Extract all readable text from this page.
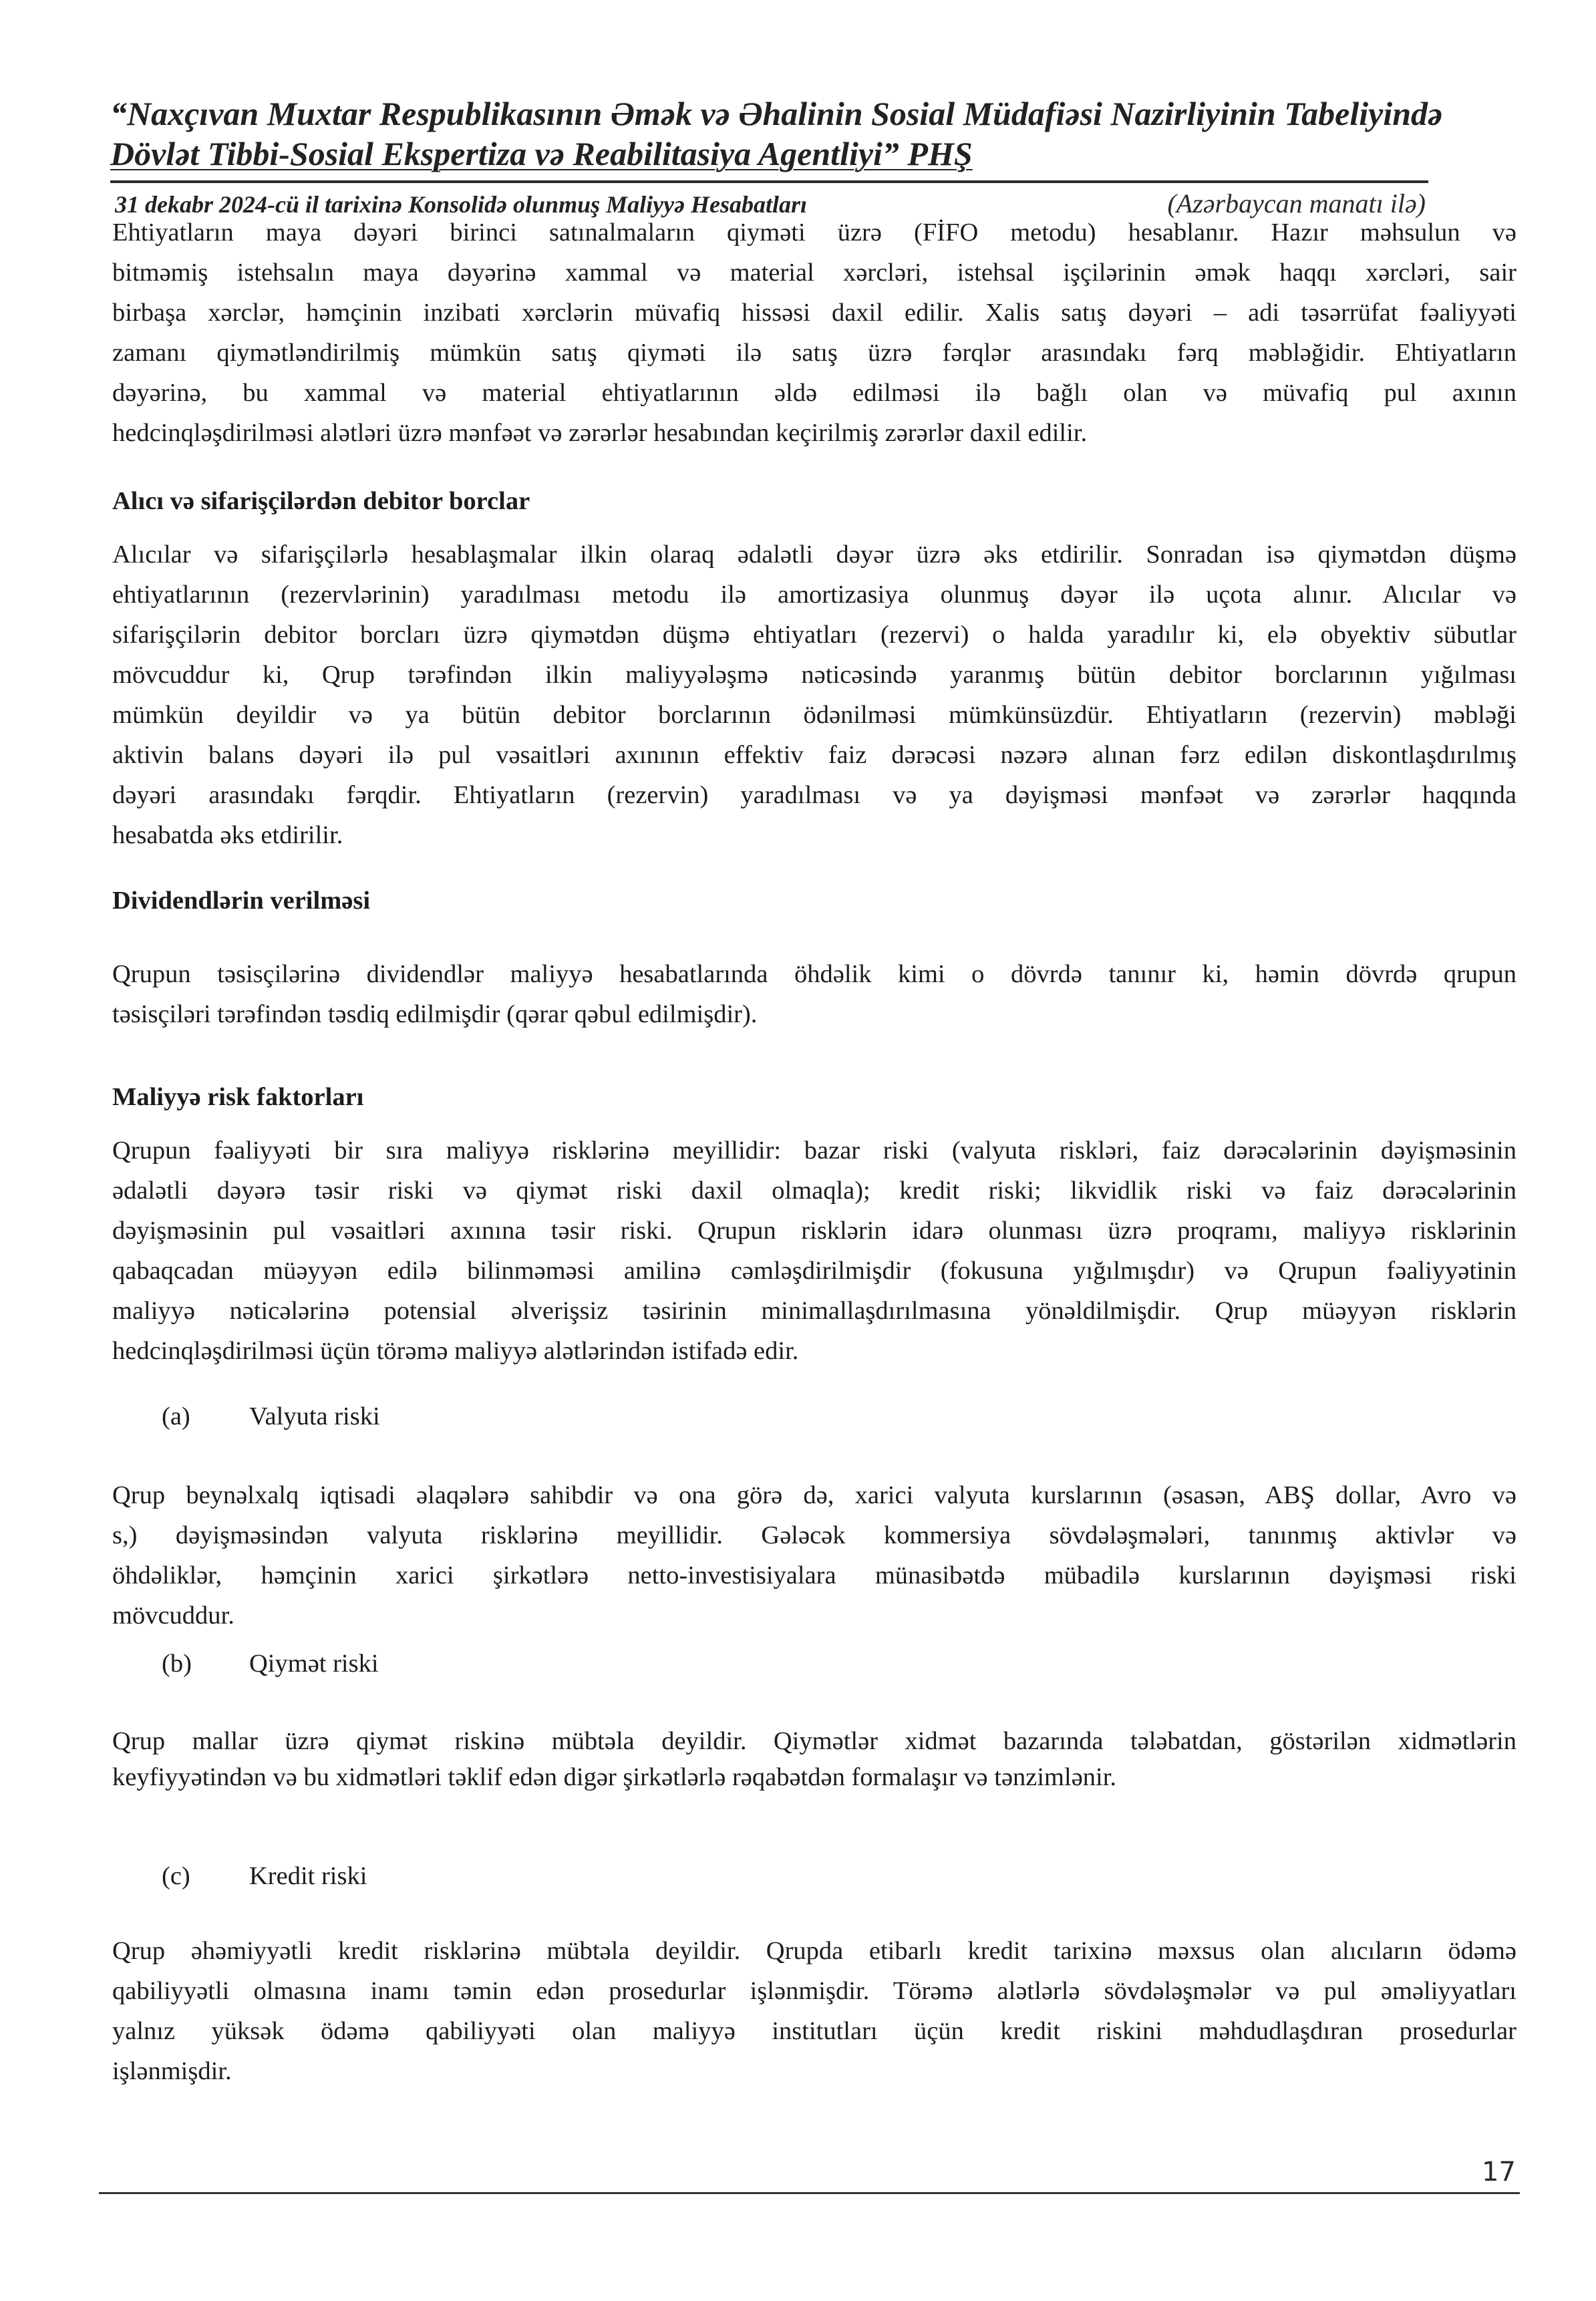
“Naxçıvan Muxtar Respublikasının Əmək və Əhalinin Sosial Müdafiəsi Nazirliyinin Tabeliyində
Dövlət Tibbi-Sosial Ekspertiza və Reabilitasiya Agentliyi” PHŞ
31 dekabr 2024-cü il tarixinə Konsolidə olunmuş Maliyyə Hesabatları	(Azərbaycan manatı ilə)
Ehtiyatların maya dəyəri birinci satınalmaların qiyməti üzrə (FİFO metodu) hesablanır. Hazır məhsulun və
bitməmiş istehsalın maya dəyərinə xammal və material xərcləri, istehsal işçilərinin əmək haqqı xərcləri, sair
birbaşa xərclər, həmçinin inzibati xərclərin müvafiq hissəsi daxil edilir. Xalis satış dəyəri – adi təsərrüfat fəaliyyəti
zamanı qiymətləndirilmiş mümkün satış qiyməti ilə satış üzrə fərqlər arasındakı fərq məbləğidir. Ehtiyatların
dəyərinə, bu xammal və material ehtiyatlarının əldə edilməsi ilə bağlı olan və müvafiq pul axının
hedcinqləşdirilməsi alətləri üzrə mənfəət və zərərlər hesabından keçirilmiş zərərlər daxil edilir.
Alıcı və sifarişçilərdən debitor borclar
Alıcılar və sifarişçilərlə hesablaşmalar ilkin olaraq ədalətli dəyər üzrə əks etdirilir. Sonradan isə qiymətdən düşmə
ehtiyatlarının (rezervlərinin) yaradılması metodu ilə amortizasiya olunmuş dəyər ilə uçota alınır. Alıcılar və
sifarişçilərin debitor borcları üzrə qiymətdən düşmə ehtiyatları (rezervi) o halda yaradılır ki, elə obyektiv sübutlar
mövcuddur ki, Qrup tərəfindən ilkin maliyyələşmə nəticəsində yaranmış bütün debitor borclarının yığılması
mümkün deyildir və ya bütün debitor borclarının ödənilməsi mümkünsüzdür. Ehtiyatların (rezervin) məbləği
aktivin balans dəyəri ilə pul vəsaitləri axınının effektiv faiz dərəcəsi nəzərə alınan fərz edilən diskontlaşdırılmış
dəyəri arasındakı fərqdir. Ehtiyatların (rezervin) yaradılması və ya dəyişməsi mənfəət və zərərlər haqqında
hesabatda əks etdirilir.
Dividendlərin verilməsi
Qrupun təsisçilərinə dividendlər maliyyə hesabatlarında öhdəlik kimi o dövrdə tanınır ki, həmin dövrdə qrupun
təsisçiləri tərəfindən təsdiq edilmişdir (qərar qəbul edilmişdir).
Maliyyə risk faktorları
Qrupun fəaliyyəti bir sıra maliyyə risklərinə meyillidir: bazar riski (valyuta riskləri, faiz dərəcələrinin dəyişməsinin
ədalətli dəyərə təsir riski və qiymət riski daxil olmaqla); kredit riski; likvidlik riski və faiz dərəcələrinin
dəyişməsinin pul vəsaitləri axınına təsir riski. Qrupun risklərin idarə olunması üzrə proqramı, maliyyə risklərinin
qabaqcadan müəyyən edilə bilinməməsi amilinə cəmləşdirilmişdir (fokusuna yığılmışdır) və Qrupun fəaliyyətinin
maliyyə nəticələrinə potensial əlverişsiz təsirinin minimallaşdırılmasına yönəldilmişdir. Qrup müəyyən risklərin
hedcinqləşdirilməsi üçün törəmə maliyyə alətlərindən istifadə edir.
(a) Valyuta riski
Qrup beynəlxalq iqtisadi əlaqələrə sahibdir və ona görə də, xarici valyuta kurslarının (əsasən, ABŞ dollar, Avro və
s,) dəyişməsindən valyuta risklərinə meyillidir. Gələcək kommersiya sövdələşmələri, tanınmış aktivlər və
öhdəliklər, həmçinin xarici şirkətlərə netto-investisiyalara münasibətdə mübadilə kurslarının dəyişməsi riski
mövcuddur.
(b) Qiymət riski
Qrup mallar üzrə qiymət riskinə mübtəla deyildir. Qiymətlər xidmət bazarında tələbatdan, göstərilən xidmətlərin
keyfiyyətindən və bu xidmətləri təklif edən digər şirkətlərlə rəqabətdən formalaşır və tənzimlənir.
(c) Kredit riski
Qrup əhəmiyyətli kredit risklərinə mübtəla deyildir. Qrupda etibarlı kredit tarixinə məxsus olan alıcıların ödəmə
qabiliyyətli olmasına inamı təmin edən prosedurlar işlənmişdir. Törəmə alətlərlə sövdələşmələr və pul əməliyyatları
yalnız yüksək ödəmə qabiliyyəti olan maliyyə institutları üçün kredit riskini məhdudlaşdıran prosedurlar
işlənmişdir.
17
